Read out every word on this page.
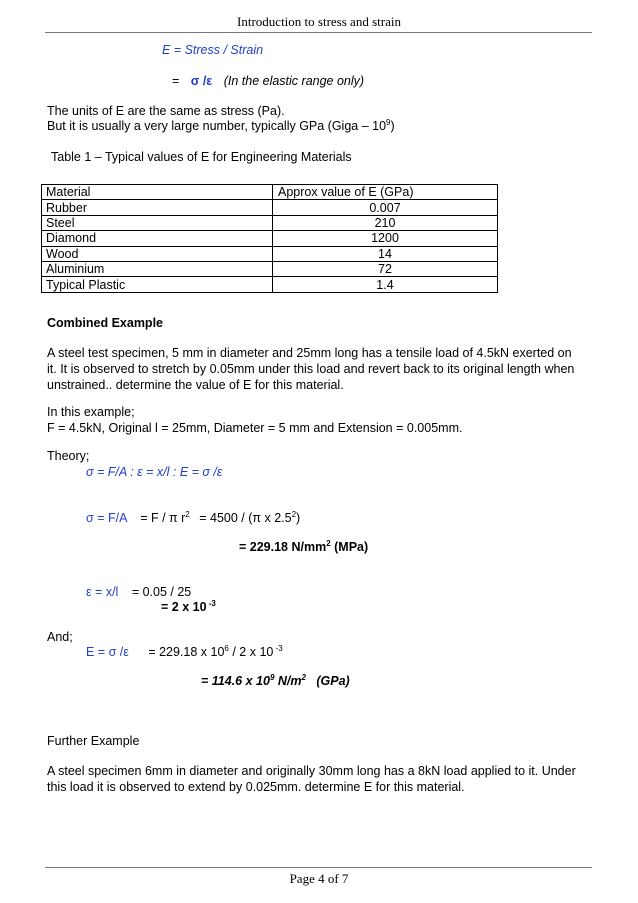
Introduction to stress and strain
E = Stress / Strain
= σ /ε (In the elastic range only)
The units of E are the same as stress (Pa).
But it is usually a very large number, typically GPa (Giga – $10^9$)
Table 1 – Typical values of E for Engineering Materials
Material	Approx value of E (GPa)
Rubber	0.007
Steel	210
Diamond	1200
Wood	14
Aluminium	72
Typical Plastic	1.4
Combined Example
A steel test specimen, 5 mm in diameter and 25mm long has a tensile load of 4.5kN exerted on
it. It is observed to stretch by 0.05mm under this load and revert back to its original length when
unstrained.. determine the value of E for this material.
In this example;
F = 4.5kN, Original l = 25mm, Diameter = 5 mm and Extension = 0.005mm.
Theory;
σ = F/A : ε = x/l : E = σ /ε
σ = F/A = F / π $r^2 = 4500 / (\pi$ x $2.5^2$)
= 229.18 $N/mm^2$ (MPa)
ε = x/l = 0.05 / 25
= 2 x 10 $^{-3}$
And;
E = σ /ε = 229.18 x $10^6 / 2$ x 10 $^{-3}$
= 114.6 x $10^9$ $N/m^2$   (GPa)
Further Example
A steel specimen 6mm in diameter and originally 30mm long has a 8kN load applied to it. Under
this load it is observed to extend by 0.025mm. determine E for this material.
Page 4 of 7
